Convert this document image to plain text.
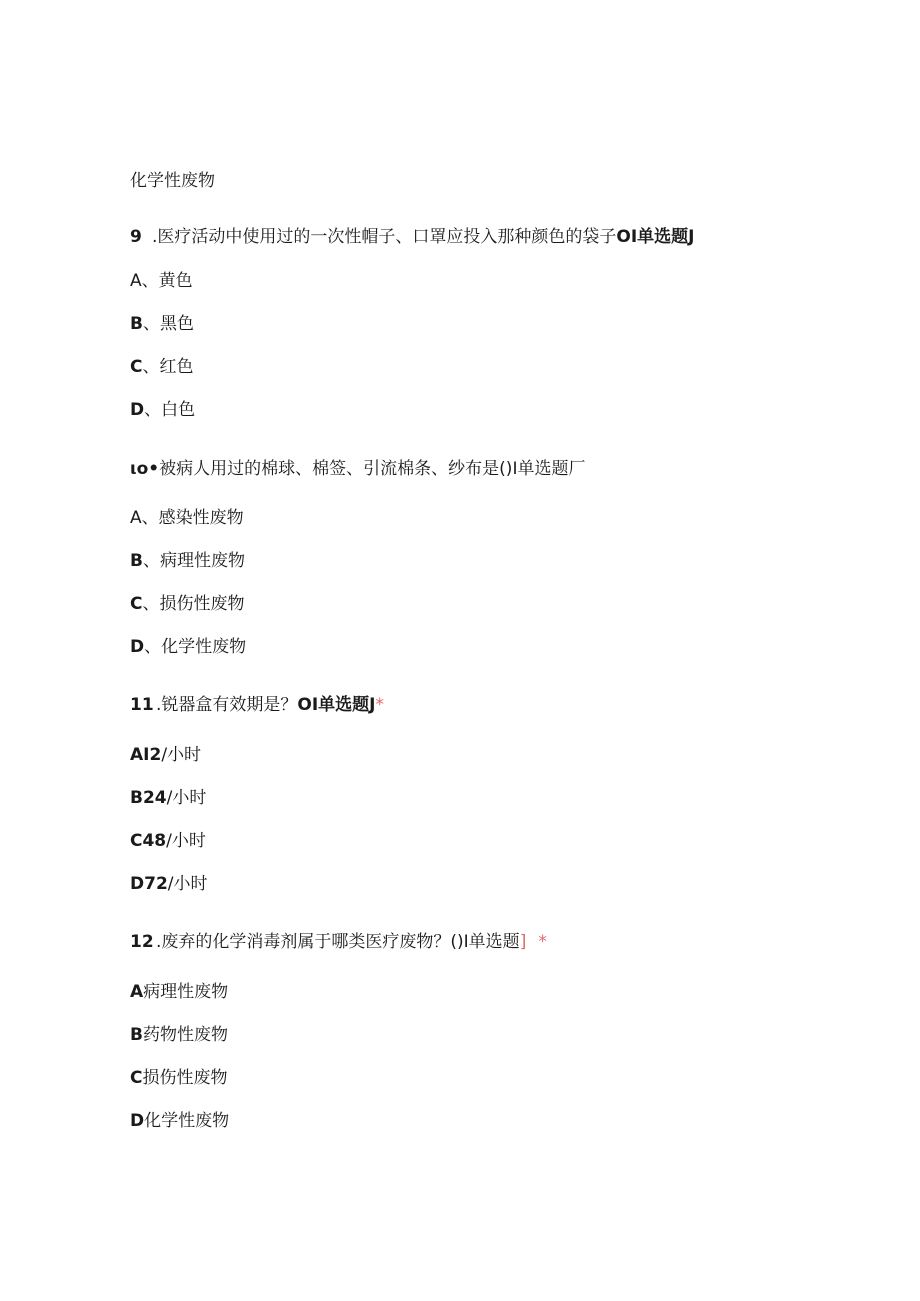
化学性废物
9 .医疗活动中使用过的一次性帽子、口罩应投入那种颜色的袋子OI单选题J
A、黄色
B、黑色
C、红色
D、白色
ιo•被病人用过的棉球、棉签、引流棉条、纱布是()I单选题厂
A、感染性废物
B、病理性废物
C、损伤性废物
D、化学性废物
11 .锐器盒有效期是？OI单选题J*
AI2/小时
B24/小时
C48/小时
D72/小时
12 .废弃的化学消毒剂属于哪类医疗废物？()I单选题] *
A病理性废物
B药物性废物
C损伤性废物
D化学性废物
